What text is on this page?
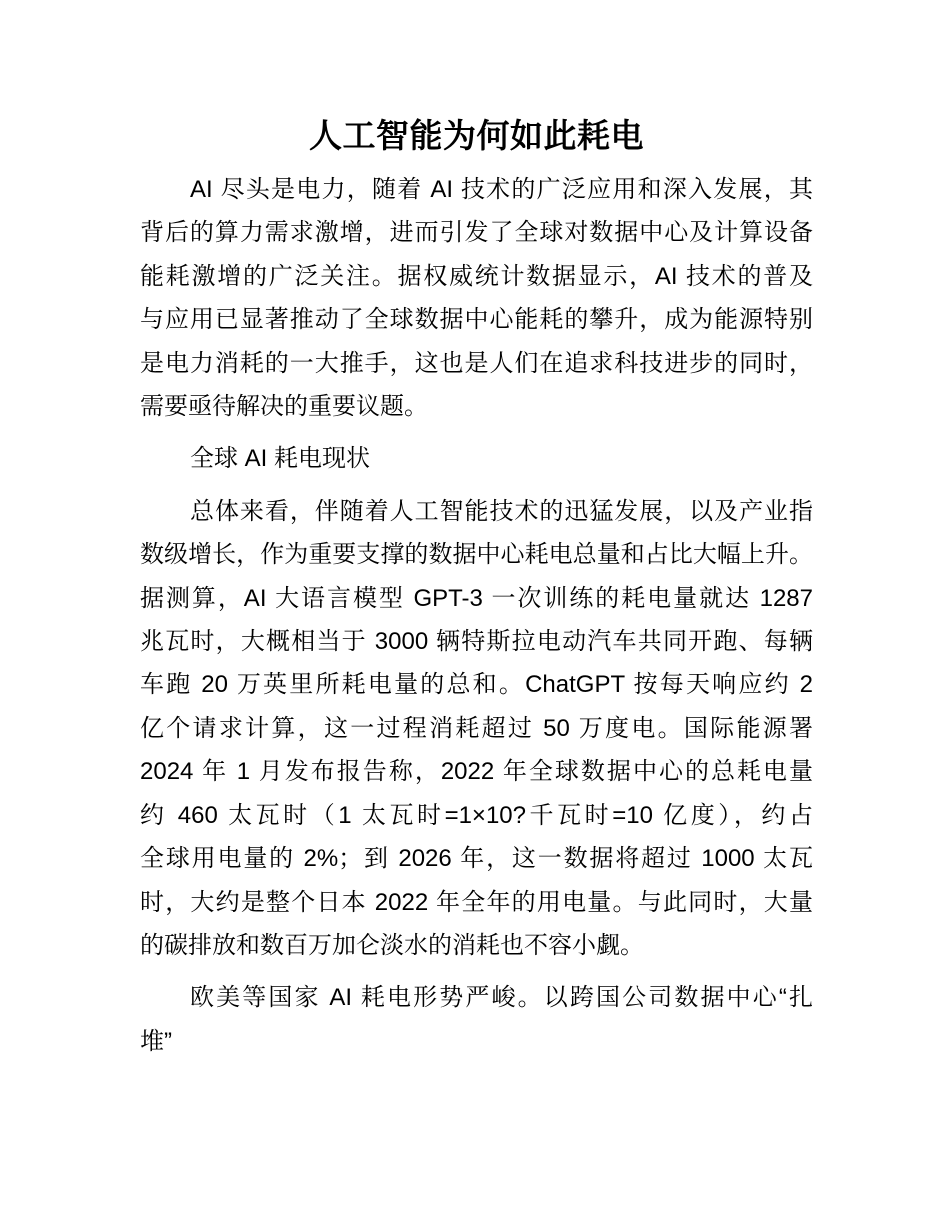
人工智能为何如此耗电
AI 尽头是电力，随着 AI 技术的广泛应用和深入发展，其
背后的算力需求激增，进而引发了全球对数据中心及计算设备
能耗激增的广泛关注。据权威统计数据显示，AI 技术的普及
与应用已显著推动了全球数据中心能耗的攀升，成为能源特别
是电力消耗的一大推手，这也是人们在追求科技进步的同时，
需要亟待解决的重要议题。
全球 AI 耗电现状
总体来看，伴随着人工智能技术的迅猛发展，以及产业指
数级增长，作为重要支撑的数据中心耗电总量和占比大幅上升。
据测算，AI 大语言模型 GPT-3 一次训练的耗电量就达 1287
兆瓦时，大概相当于 3000 辆特斯拉电动汽车共同开跑、每辆
车跑 20 万英里所耗电量的总和。ChatGPT 按每天响应约 2
亿个请求计算，这一过程消耗超过 50 万度电。国际能源署
2024 年 1 月发布报告称，2022 年全球数据中心的总耗电量
约 460 太瓦时（1 太瓦时=1×10?千瓦时=10 亿度），约占
全球用电量的 2%；到 2026 年，这一数据将超过 1000 太瓦
时，大约是整个日本 2022 年全年的用电量。与此同时，大量
的碳排放和数百万加仑淡水的消耗也不容小觑。
欧美等国家 AI 耗电形势严峻。以跨国公司数据中心“扎
堆”
